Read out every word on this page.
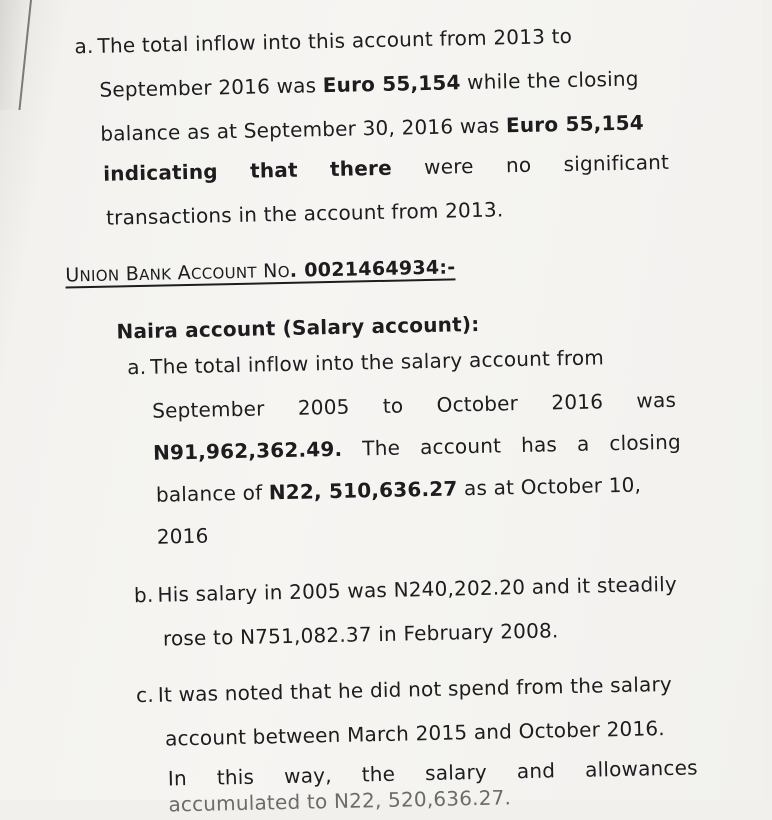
a. The total inflow into this account from 2013 to
September 2016 was Euro 55,154 while the closing
balance as at September 30, 2016 was Euro 55,154
indicating that there were no significant
transactions in the account from 2013.
UNION BANK ACCOUNT NO. 0021464934:-
Naira account (Salary account):
a. The total inflow into the salary account from
September 2005 to October 2016 was
N91,962,362.49. The account has a closing
balance of N22, 510,636.27 as at October 10,
2016
b. His salary in 2005 was N240,202.20 and it steadily
rose to N751,082.37 in February 2008.
c. It was noted that he did not spend from the salary
account between March 2015 and October 2016.
In this way, the salary and allowances
accumulated to N22, 520,636.27.
